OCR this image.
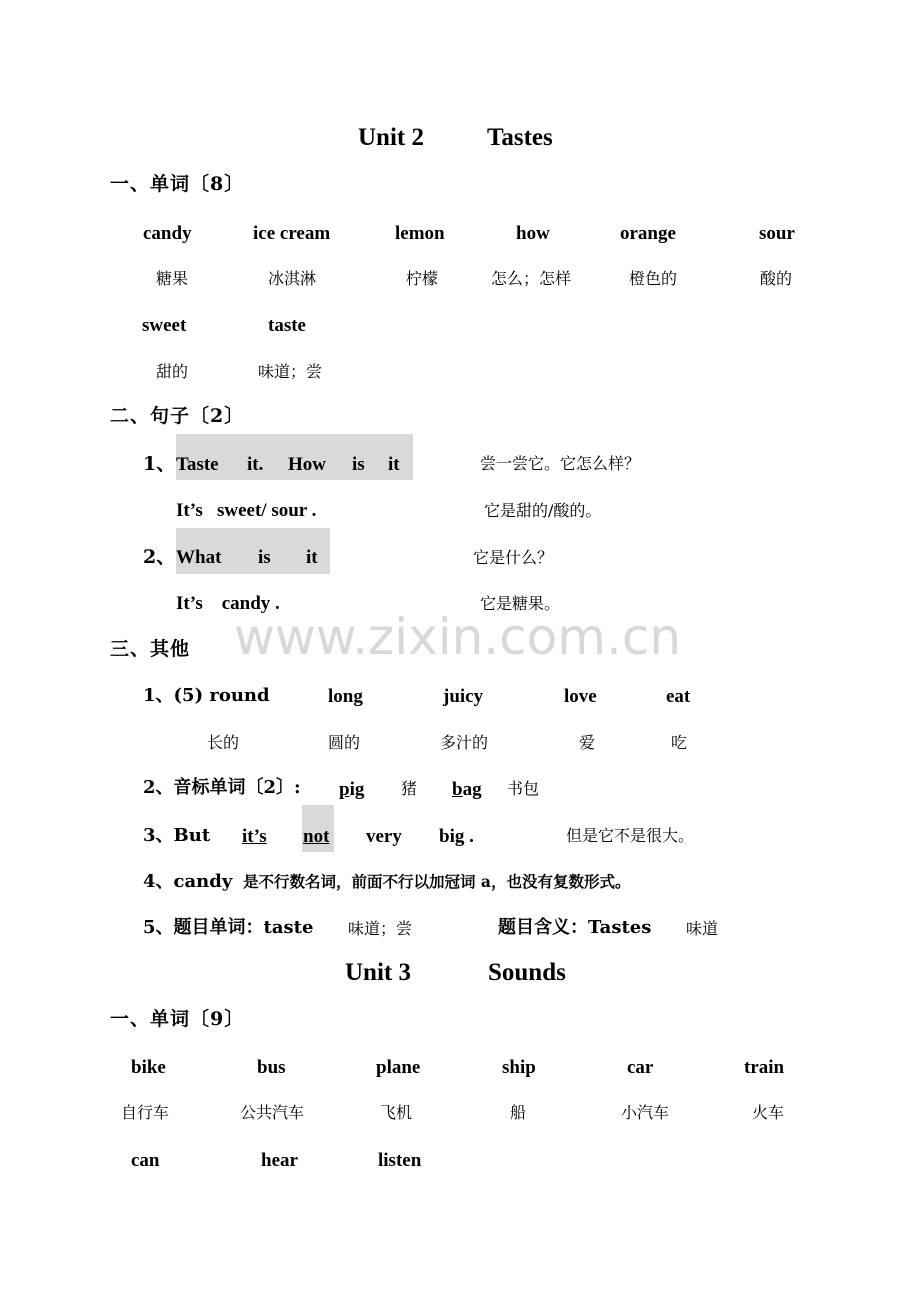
www.zixin.com.cn
Unit 2	Tastes
一、单词〔8〕
candy	ice cream	lemon	how	orange	sour
糖果	冰淇淋	柠檬	怎么；怎样	橙色的	酸的
sweet	taste
甜的	味道；尝
二、句子〔2〕
1、 Taste it. How is it	尝一尝它。它怎么样？
It’s   sweet/ sour .	它是甜的/酸的。
2、 What is it	它是什么？
It’s    candy .	它是糖果。
三、其他
1、(5) round	long	juicy	love	eat
长的	圆的	多汁的	爱	吃
2、音标单词〔2〕: pig 猪 bag 书包
3、But it’s not very big .	但是它不是很大。
4、candy 是不行数名词，前面不行以加冠词 a，也没有复数形式。
5、题目单词：taste 味道；尝	题目含义：Tastes 味道
Unit 3	Sounds
一、单词〔9〕
bike	bus	plane	ship	car	train
自行车	公共汽车	飞机	船	小汽车	火车
can	hear	listen
